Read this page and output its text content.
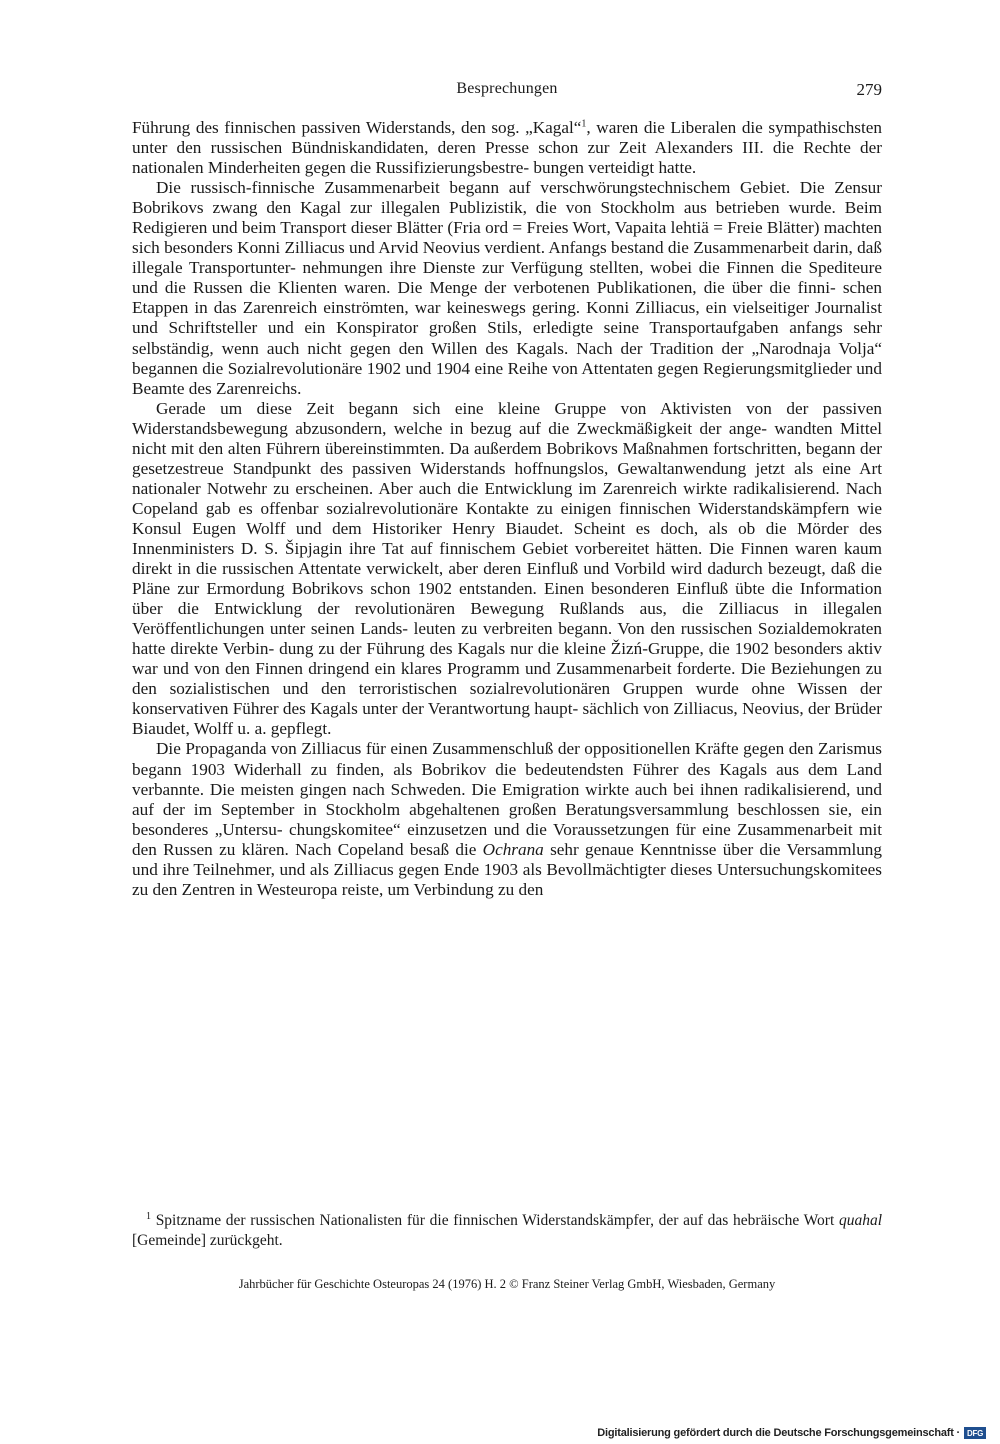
Besprechungen	279

Führung des finnischen passiven Widerstands, den sog. „Kagal“$^1$, waren die Liberalen die sympathischsten unter den russischen Bündniskandidaten, deren Presse schon zur Zeit Alexanders III. die Rechte der nationalen Minderheiten gegen die Russifizierungsbestre- bungen verteidigt hatte.

Die russisch-finnische Zusammenarbeit begann auf verschwörungstechnischem Gebiet. Die Zensur Bobrikovs zwang den Kagal zur illegalen Publizistik, die von Stockholm aus betrieben wurde. Beim Redigieren und beim Transport dieser Blätter (Fria ord = Freies Wort, Vapaita lehtiä = Freie Blätter) machten sich besonders Konni Zilliacus und Arvid Neovius verdient. Anfangs bestand die Zusammenarbeit darin, daß illegale Transportunter- nehmungen ihre Dienste zur Verfügung stellten, wobei die Finnen die Spediteure und die Russen die Klienten waren. Die Menge der verbotenen Publikationen, die über die finni- schen Etappen in das Zarenreich einströmten, war keineswegs gering. Konni Zilliacus, ein vielseitiger Journalist und Schriftsteller und ein Konspirator großen Stils, erledigte seine Transportaufgaben anfangs sehr selbständig, wenn auch nicht gegen den Willen des Kagals. Nach der Tradition der „Narodnaja Volja“ begannen die Sozialrevolutionäre 1902 und 1904 eine Reihe von Attentaten gegen Regierungsmitglieder und Beamte des Zarenreichs.

Gerade um diese Zeit begann sich eine kleine Gruppe von Aktivisten von der passiven Widerstandsbewegung abzusondern, welche in bezug auf die Zweckmäßigkeit der ange- wandten Mittel nicht mit den alten Führern übereinstimmten. Da außerdem Bobrikovs Maßnahmen fortschritten, begann der gesetzestreue Standpunkt des passiven Widerstands hoffnungslos, Gewaltanwendung jetzt als eine Art nationaler Notwehr zu erscheinen. Aber auch die Entwicklung im Zarenreich wirkte radikalisierend. Nach Copeland gab es offenbar sozialrevolutionäre Kontakte zu einigen finnischen Widerstandskämpfern wie Konsul Eugen Wolff und dem Historiker Henry Biaudet. Scheint es doch, als ob die Mörder des Innenministers D. S. Šipjagin ihre Tat auf finnischem Gebiet vorbereitet hätten. Die Finnen waren kaum direkt in die russischen Attentate verwickelt, aber deren Einfluß und Vorbild wird dadurch bezeugt, daß die Pläne zur Ermordung Bobrikovs schon 1902 entstanden. Einen besonderen Einfluß übte die Information über die Entwicklung der revolutionären Bewegung Rußlands aus, die Zilliacus in illegalen Veröffentlichungen unter seinen Lands- leuten zu verbreiten begann. Von den russischen Sozialdemokraten hatte direkte Verbin- dung zu der Führung des Kagals nur die kleine Žizń-Gruppe, die 1902 besonders aktiv war und von den Finnen dringend ein klares Programm und Zusammenarbeit forderte. Die Beziehungen zu den sozialistischen und den terroristischen sozialrevolutionären Gruppen wurde ohne Wissen der konservativen Führer des Kagals unter der Verantwortung haupt- sächlich von Zilliacus, Neovius, der Brüder Biaudet, Wolff u. a. gepflegt.

Die Propaganda von Zilliacus für einen Zusammenschluß der oppositionellen Kräfte gegen den Zarismus begann 1903 Widerhall zu finden, als Bobrikov die bedeutendsten Führer des Kagals aus dem Land verbannte. Die meisten gingen nach Schweden. Die Emigration wirkte auch bei ihnen radikalisierend, und auf der im September in Stockholm abgehaltenen großen Beratungsversammlung beschlossen sie, ein besonderes „Untersu- chungskomitee“ einzusetzen und die Voraussetzungen für eine Zusammenarbeit mit den Russen zu klären. Nach Copeland besaß die Ochrana sehr genaue Kenntnisse über die Versammlung und ihre Teilnehmer, und als Zilliacus gegen Ende 1903 als Bevollmächtigter dieses Untersuchungskomitees zu den Zentren in Westeuropa reiste, um Verbindung zu den

$^1$ Spitzname der russischen Nationalisten für die finnischen Widerstandskämpfer, der auf das hebräische Wort quahal [Gemeinde] zurückgeht.

Jahrbücher für Geschichte Osteuropas 24 (1976) H. 2 © Franz Steiner Verlag GmbH, Wiesbaden, Germany
Digitalisierung gefördert durch die Deutsche Forschungsgemeinschaft · DFG
